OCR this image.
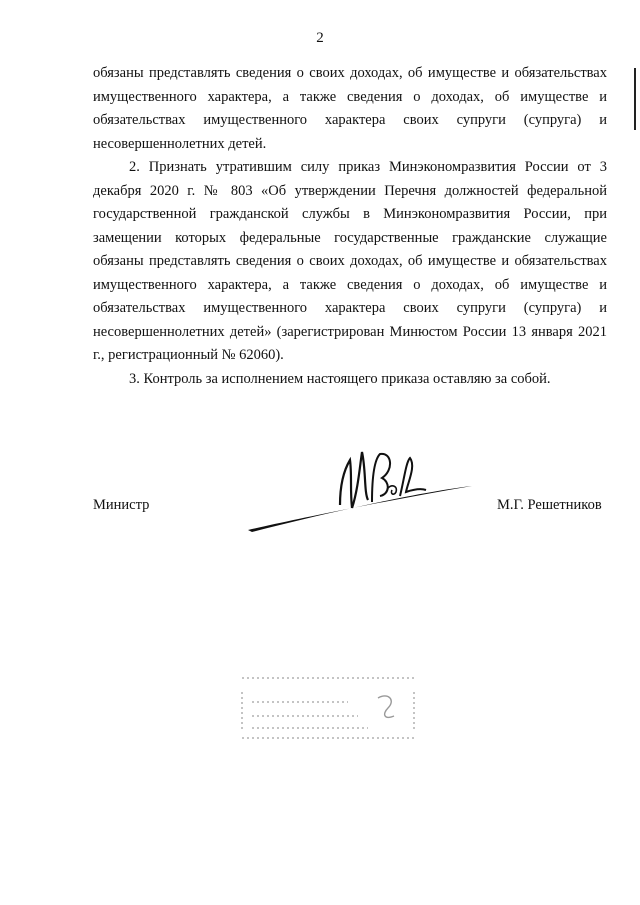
2

обязаны представлять сведения о своих доходах, об имуществе и обязательствах имущественного характера, а также сведения о доходах, об имуществе и обязательствах имущественного характера своих супруги (супруга) и несовершеннолетних детей.

2. Признать утратившим силу приказ Минэкономразвития России от 3 декабря 2020 г. № 803 «Об утверждении Перечня должностей федеральной государственной гражданской службы в Минэкономразвития России, при замещении которых федеральные государственные гражданские служащие обязаны представлять сведения о своих доходах, об имуществе и обязательствах имущественного характера, а также сведения о доходах, об имуществе и обязательствах имущественного характера своих супруги (супруга) и несовершеннолетних детей» (зарегистрирован Минюстом России 13 января 2021 г., регистрационный № 62060).

3. Контроль за исполнением настоящего приказа оставляю за собой.

Министр	М.Г. Решетников
